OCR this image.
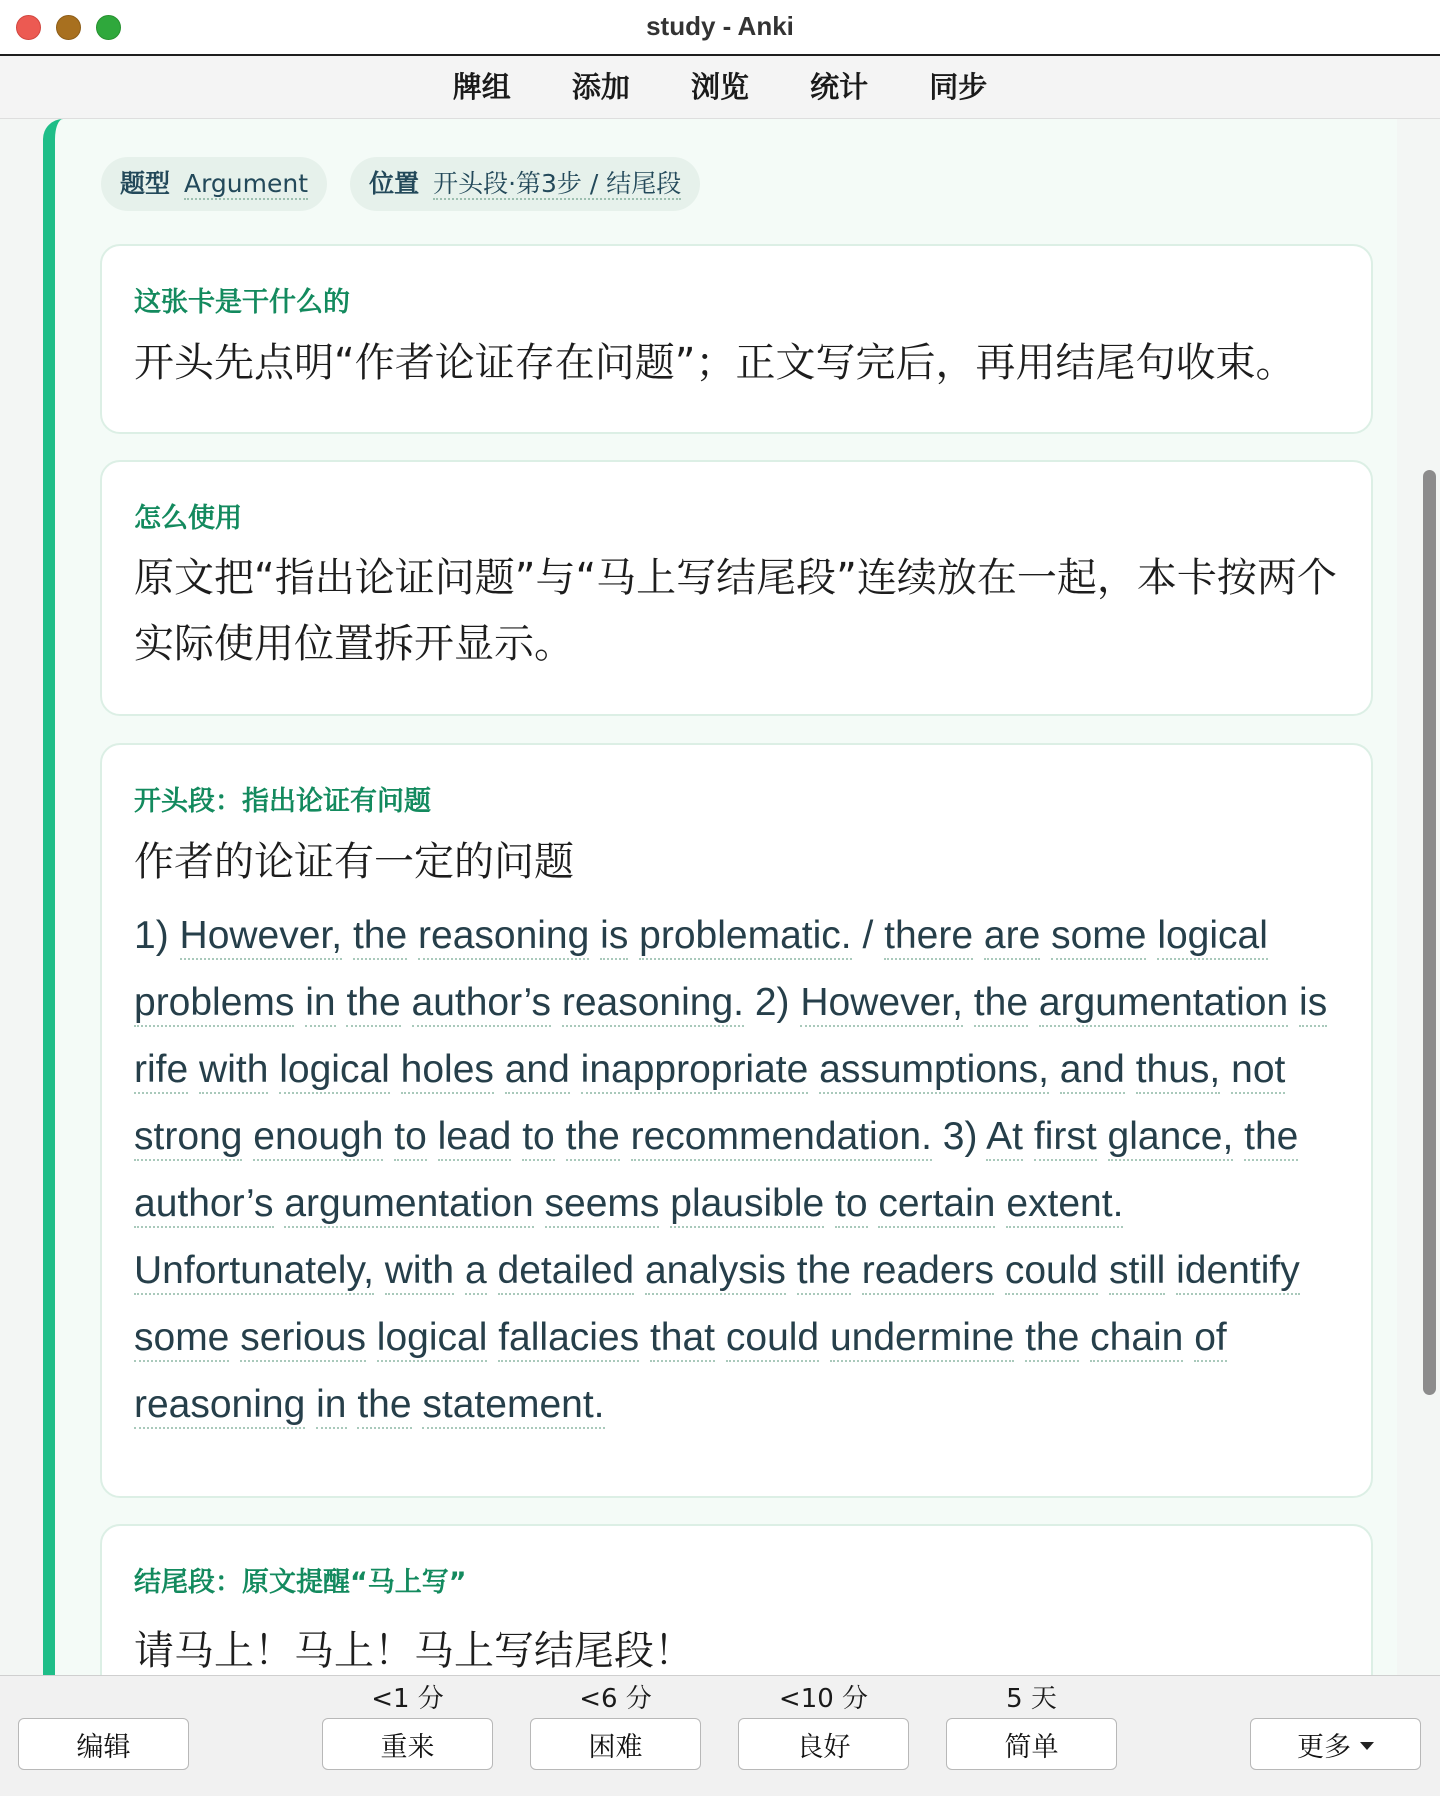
study - Anki
牌组 添加 浏览 统计 同步
题型 Argument 位置 开头段·第3步 / 结尾段
这张卡是干什么的
开头先点明“作者论证存在问题”；正文写完后，再用结尾句收束。
怎么使用
原文把“指出论证问题”与“马上写结尾段”连续放在一起，本卡按两个实际使用位置拆开显示。
开头段：指出论证有问题
作者的论证有一定的问题
1) However, the reasoning is problematic. / there are some logical
problems in the author’s reasoning. 2) However, the argumentation is
rife with logical holes and inappropriate assumptions, and thus, not
strong enough to lead to the recommendation. 3) At first glance, the
author’s argumentation seems plausible to certain extent.
Unfortunately, with a detailed analysis the readers could still identify
some serious logical fallacies that could undermine the chain of
reasoning in the statement.
结尾段：原文提醒“马上写”
请马上！马上！马上写结尾段！
编辑
<1 分
重来
<6 分
困难
<10 分
良好
5 天
简单	更多
